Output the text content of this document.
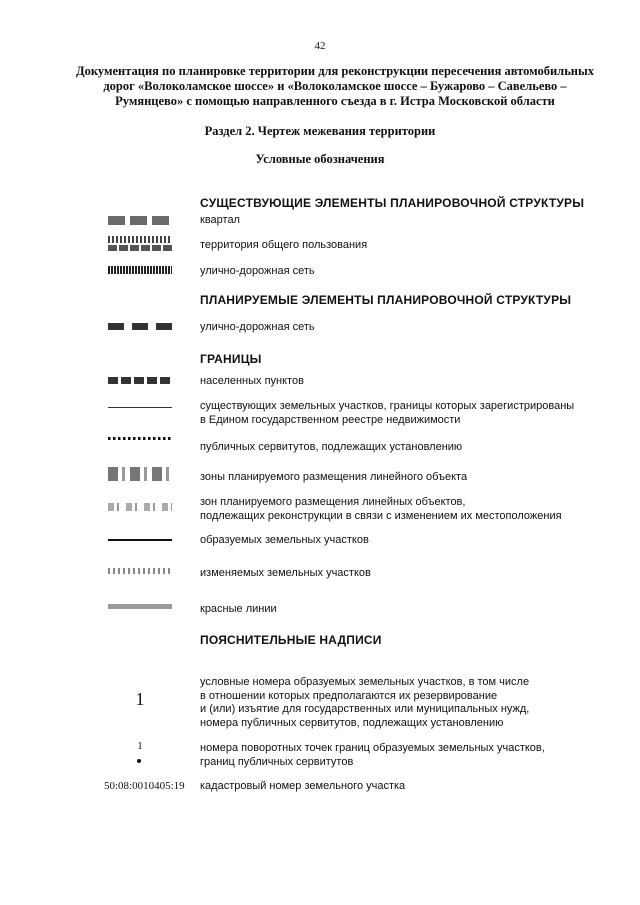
42
Документация по планировке территории для реконструкции пересечения автомобильных
дорог «Волоколамское шоссе» и «Волоколамское шоссе – Бужарово – Савельево –
Румянцево» с помощью направленного съезда в г. Истра Московской области
Раздел 2. Чертеж межевания территории
Условные обозначения
СУЩЕСТВУЮЩИЕ ЭЛЕМЕНТЫ ПЛАНИРОВОЧНОЙ СТРУКТУРЫ
квартал
территория общего пользования
улично-дорожная сеть
ПЛАНИРУЕМЫЕ ЭЛЕМЕНТЫ ПЛАНИРОВОЧНОЙ СТРУКТУРЫ
улично-дорожная сеть
ГРАНИЦЫ
населенных пунктов
существующих земельных участков, границы которых зарегистрированы
в Едином государственном реестре недвижимости
публичных сервитутов, подлежащих установлению
зоны планируемого размещения линейного объекта
зон планируемого размещения линейных объектов,
подлежащих реконструкции в связи с изменением их местоположения
образуемых земельных участков
изменяемых земельных участков
красные линии
ПОЯСНИТЕЛЬНЫЕ НАДПИСИ
1
условные номера образуемых земельных участков, в том числе
в отношении которых предполагаются их резервирование
и (или) изъятие для государственных или муниципальных нужд,
номера публичных сервитутов, подлежащих установлению
1	номера поворотных точек границ образуемых земельных участков,
границ публичных сервитутов
50:08:0010405:19 кадастровый номер земельного участка
